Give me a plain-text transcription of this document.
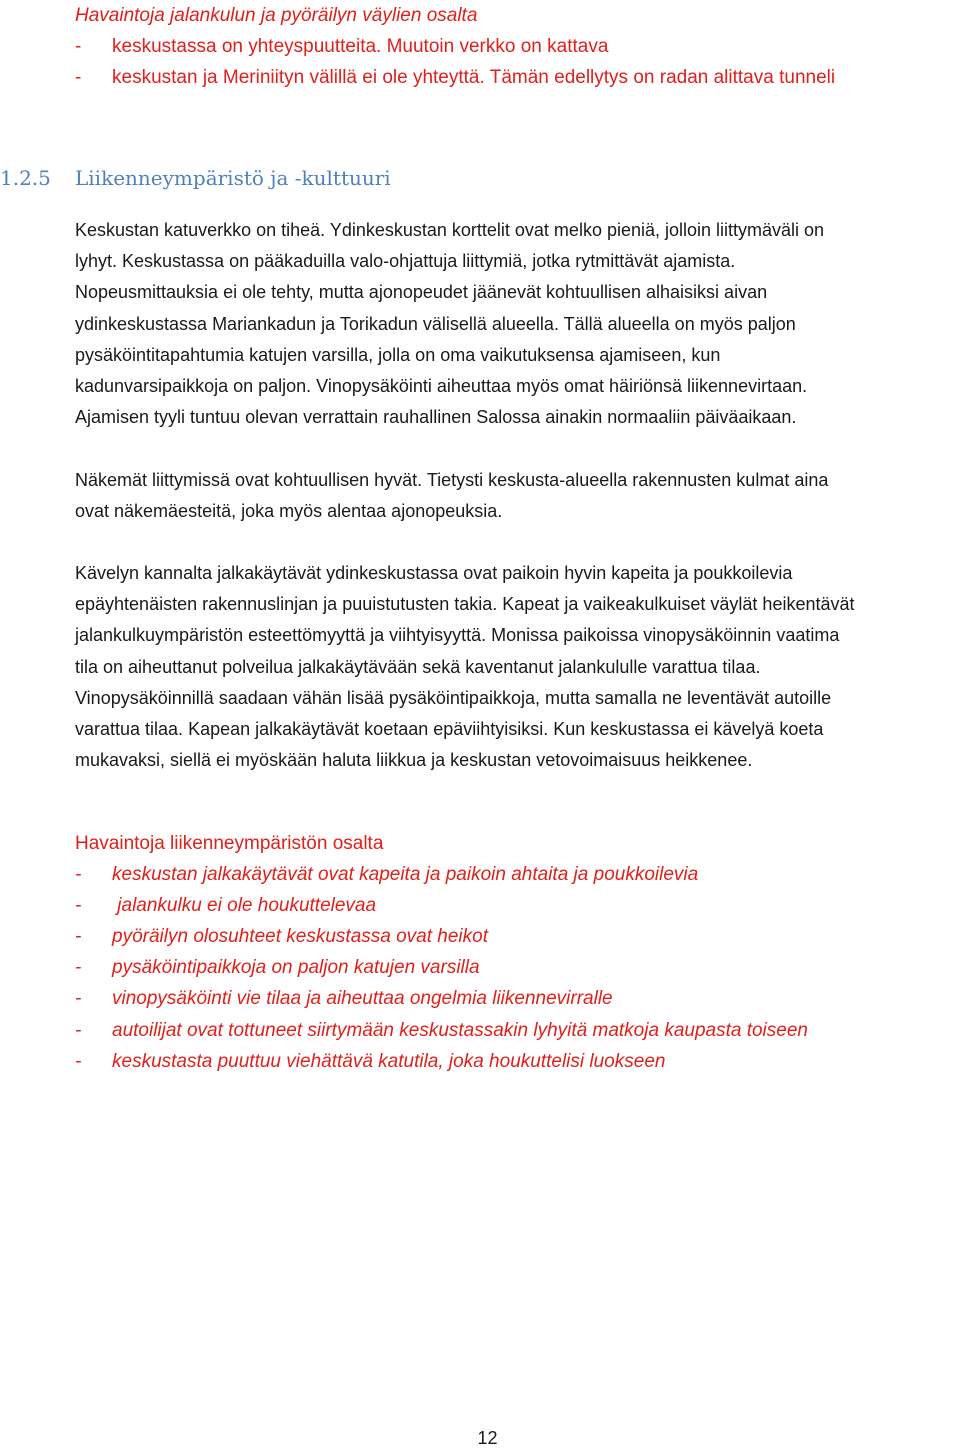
Havaintoja jalankulun ja pyöräilyn väylien osalta
- keskustassa on yhteyspuutteita. Muutoin verkko on kattava
- keskustan ja Meriniityn välillä ei ole yhteyttä. Tämän edellytys on radan alittava tunneli
1.2.5 Liikenneympäristö ja -kulttuuri
Keskustan katuverkko on tiheä. Ydinkeskustan korttelit ovat melko pieniä, jolloin liittymäväli on
lyhyt. Keskustassa on pääkaduilla valo-ohjattuja liittymiä, jotka rytmittävät ajamista.
Nopeusmittauksia ei ole tehty, mutta ajonopeudet jäänevät kohtuullisen alhaisiksi aivan
ydinkeskustassa Mariankadun ja Torikadun välisellä alueella. Tällä alueella on myös paljon
pysäköintitapahtumia katujen varsilla, jolla on oma vaikutuksensa ajamiseen, kun
kadunvarsipaikkoja on paljon. Vinopysäköinti aiheuttaa myös omat häiriönsä liikennevirtaan.
Ajamisen tyyli tuntuu olevan verrattain rauhallinen Salossa ainakin normaaliin päiväaikaan.
Näkemät liittymissä ovat kohtuullisen hyvät. Tietysti keskusta-alueella rakennusten kulmat aina
ovat näkemäesteitä, joka myös alentaa ajonopeuksia.
Kävelyn kannalta jalkakäytävät ydinkeskustassa ovat paikoin hyvin kapeita ja poukkoilevia
epäyhtenäisten rakennuslinjan ja puuistutusten takia. Kapeat ja vaikeakulkuiset väylät heikentävät
jalankulkuympäristön esteettömyyttä ja viihtyisyyttä. Monissa paikoissa vinopysäköinnin vaatima
tila on aiheuttanut polveilua jalkakäytävään sekä kaventanut jalankululle varattua tilaa.
Vinopysäköinnillä saadaan vähän lisää pysäköintipaikkoja, mutta samalla ne leventävät autoille
varattua tilaa. Kapean jalkakäytävät koetaan epäviihtyisiksi. Kun keskustassa ei kävelyä koeta
mukavaksi, siellä ei myöskään haluta liikkua ja keskustan vetovoimaisuus heikkenee.
Havaintoja liikenneympäristön osalta
- keskustan jalkakäytävät ovat kapeita ja paikoin ahtaita ja poukkoilevia
- jalankulku ei ole houkuttelevaa
- pyöräilyn olosuhteet keskustassa ovat heikot
- pysäköintipaikkoja on paljon katujen varsilla
- vinopysäköinti vie tilaa ja aiheuttaa ongelmia liikennevirralle
- autoilijat ovat tottuneet siirtymään keskustassakin lyhyitä matkoja kaupasta toiseen
- keskustasta puuttuu viehättävä katutila, joka houkuttelisi luokseen
12
